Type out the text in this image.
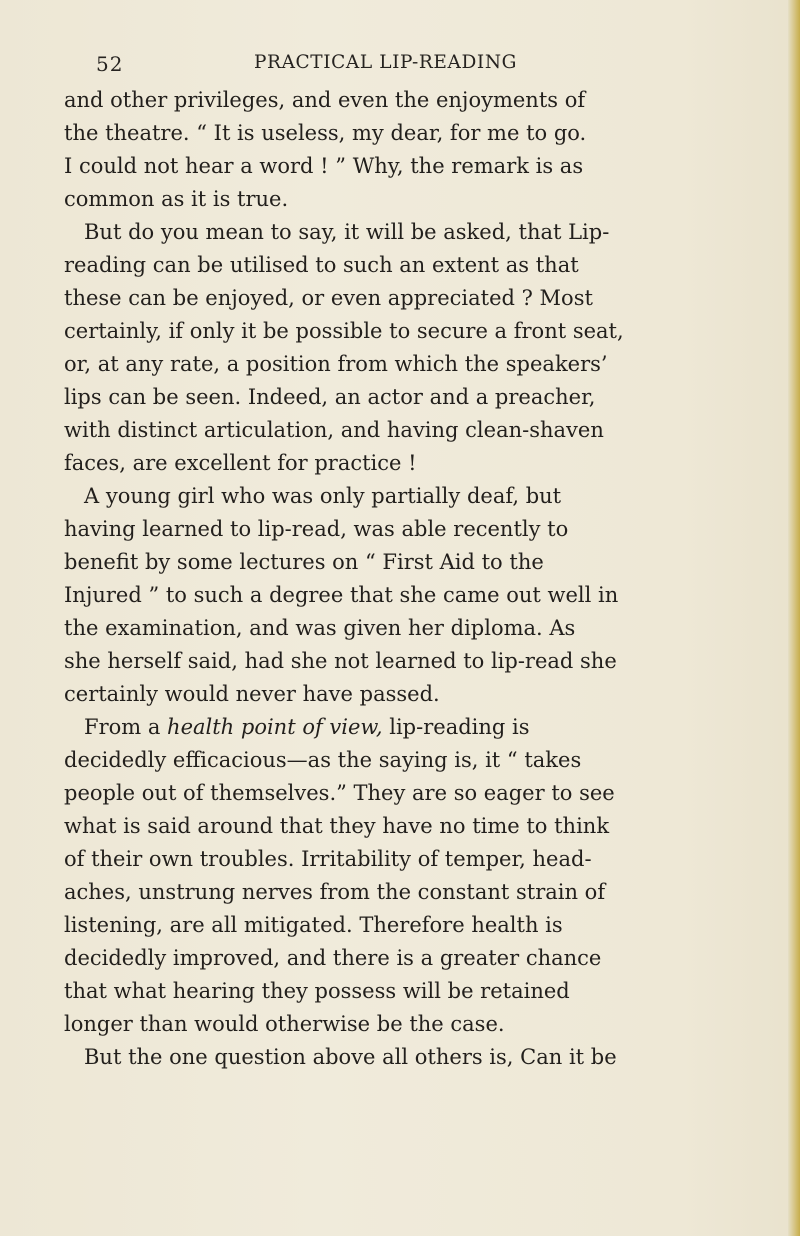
52	PRACTICAL LIP-READING
and other privileges, and even the enjoyments of
the theatre. “ It is useless, my dear, for me to go.
I could not hear a word ! ” Why, the remark is as
common as it is true.
But do you mean to say, it will be asked, that Lip-
reading can be utilised to such an extent as that
these can be enjoyed, or even appreciated ? Most
certainly, if only it be possible to secure a front seat,
or, at any rate, a position from which the speakers’
lips can be seen. Indeed, an actor and a preacher,
with distinct articulation, and having clean-shaven
faces, are excellent for practice !
A young girl who was only partially deaf, but
having learned to lip-read, was able recently to
benefit by some lectures on “ First Aid to the
Injured ” to such a degree that she came out well in
the examination, and was given her diploma. As
she herself said, had she not learned to lip-read she
certainly would never have passed.
From a health point of view, lip-reading is
decidedly efficacious—as the saying is, it “ takes
people out of themselves.” They are so eager to see
what is said around that they have no time to think
of their own troubles. Irritability of temper, head-
aches, unstrung nerves from the constant strain of
listening, are all mitigated. Therefore health is
decidedly improved, and there is a greater chance
that what hearing they possess will be retained
longer than would otherwise be the case.
But the one question above all others is, Can it be
